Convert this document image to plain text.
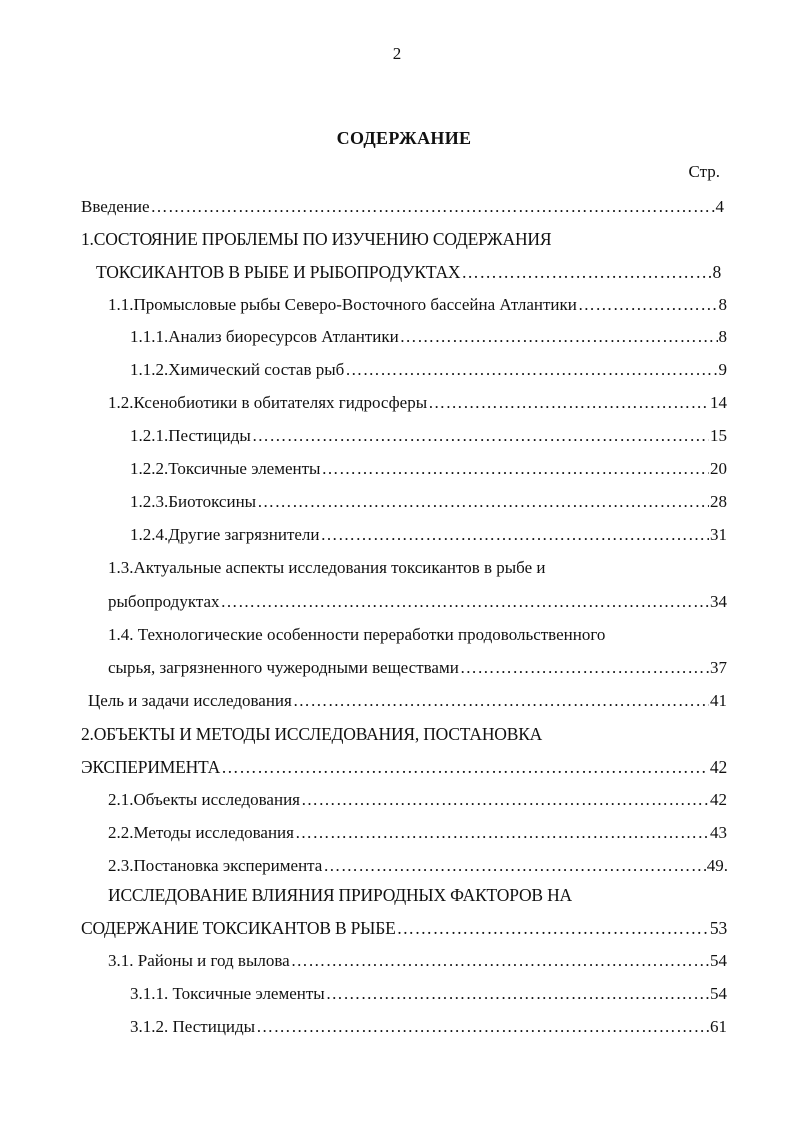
2
СОДЕРЖАНИЕ
Стр.
Введение ……………………………………………………………………………………………………………………………………………………………………	4
1.СОСТОЯНИЕ ПРОБЛЕМЫ ПО ИЗУЧЕНИЮ СОДЕРЖАНИЯ
ТОКСИКАНТОВ В РЫБЕ И РЫБОПРОДУКТАХ ……………………………………………………………………………………………………………………………………………………………………	8
1.1.Промысловые рыбы Северо-Восточного бассейна Атлантики ……………………………………………………………………………………………………………………………………………………………………	8
1.1.1.Анализ биоресурсов Атлантики ……………………………………………………………………………………………………………………………………………………………………	8
1.1.2.Химический состав рыб ……………………………………………………………………………………………………………………………………………………………………	9
1.2.Ксенобиотики в обитателях гидросферы ……………………………………………………………………………………………………………………………………………………………………	14
1.2.1.Пестициды ……………………………………………………………………………………………………………………………………………………………………	15
1.2.2.Токсичные элементы ……………………………………………………………………………………………………………………………………………………………………	20
1.2.3.Биотоксины ……………………………………………………………………………………………………………………………………………………………………	28
1.2.4.Другие загрязнители ……………………………………………………………………………………………………………………………………………………………………	31
1.3.Актуальные аспекты исследования токсикантов в рыбе и
рыбопродуктах ……………………………………………………………………………………………………………………………………………………………………	34
1.4. Технологические особенности переработки продовольственного
сырья, загрязненного чужеродными веществами ……………………………………………………………………………………………………………………………………………………………………	37
Цель и задачи исследования ……………………………………………………………………………………………………………………………………………………………………	41
2.ОБЪЕКТЫ И МЕТОДЫ ИССЛЕДОВАНИЯ, ПОСТАНОВКА
ЭКСПЕРИМЕНТА ……………………………………………………………………………………………………………………………………………………………………	42
2.1.Объекты исследования ……………………………………………………………………………………………………………………………………………………………………	42
2.2.Методы исследования ……………………………………………………………………………………………………………………………………………………………………	43
2.3.Постановка эксперимента ……………………………………………………………………………………………………………………………………………………………………	49.
ИССЛЕДОВАНИЕ ВЛИЯНИЯ ПРИРОДНЫХ ФАКТОРОВ НА
СОДЕРЖАНИЕ ТОКСИКАНТОВ В РЫБЕ ……………………………………………………………………………………………………………………………………………………………………	53
3.1. Районы и год вылова ……………………………………………………………………………………………………………………………………………………………………	54
3.1.1. Токсичные элементы ……………………………………………………………………………………………………………………………………………………………………	54
3.1.2. Пестициды ……………………………………………………………………………………………………………………………………………………………………	61
